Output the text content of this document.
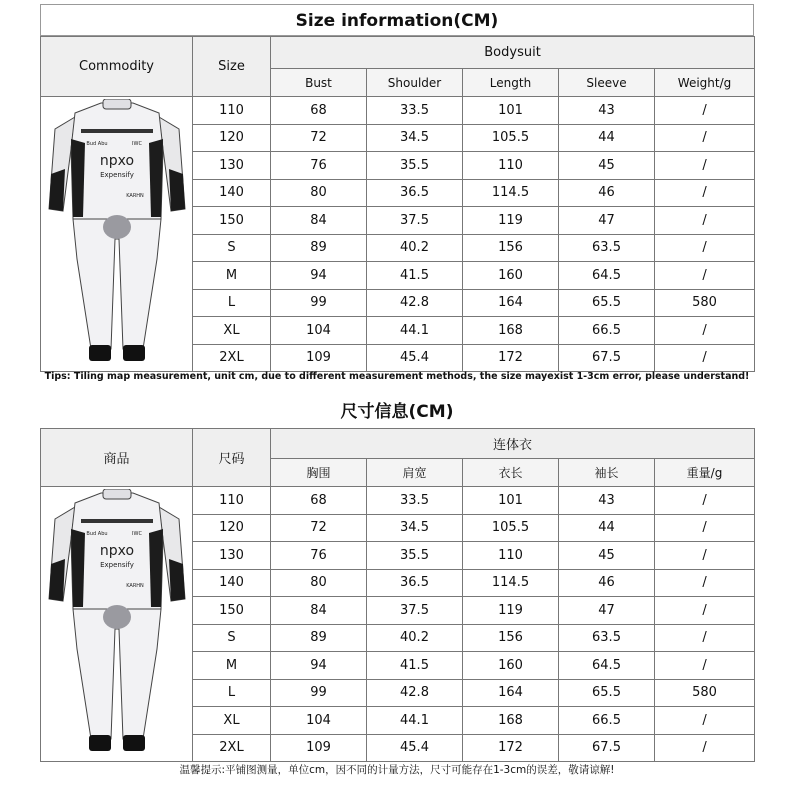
Size information(CM)
Commodity	Size	Bodysuit				
		Bust	Shoulder	Length	Sleeve	Weight/g

npxo
Expensify
Bud Abu IWC
KARHN	110	68	33.5	101	43	/
	120	72	34.5	105.5	44	/
	130	76	35.5	110	45	/
	140	80	36.5	114.5	46	/
	150	84	37.5	119	47	/
	S	89	40.2	156	63.5	/
	M	94	41.5	160	64.5	/
	L	99	42.8	164	65.5	580
	XL	104	44.1	168	66.5	/
	2XL	109	45.4	172	67.5	/
Tips: Tiling map measurement, unit cm, due to different measurement methods, the size mayexist 1-3cm error, please understand!
尺寸信息(CM)
商品	尺码	连体衣				
		胸围	肩宽	衣长	袖长	重量/g

npxo
Expensify
Bud Abu IWC
KARHN	110	68	33.5	101	43	/
	120	72	34.5	105.5	44	/
	130	76	35.5	110	45	/
	140	80	36.5	114.5	46	/
	150	84	37.5	119	47	/
	S	89	40.2	156	63.5	/
	M	94	41.5	160	64.5	/
	L	99	42.8	164	65.5	580
	XL	104	44.1	168	66.5	/
	2XL	109	45.4	172	67.5	/
温馨提示:平铺图测量，单位cm，因不同的计量方法，尺寸可能存在1-3cm的误差，敬请谅解!
